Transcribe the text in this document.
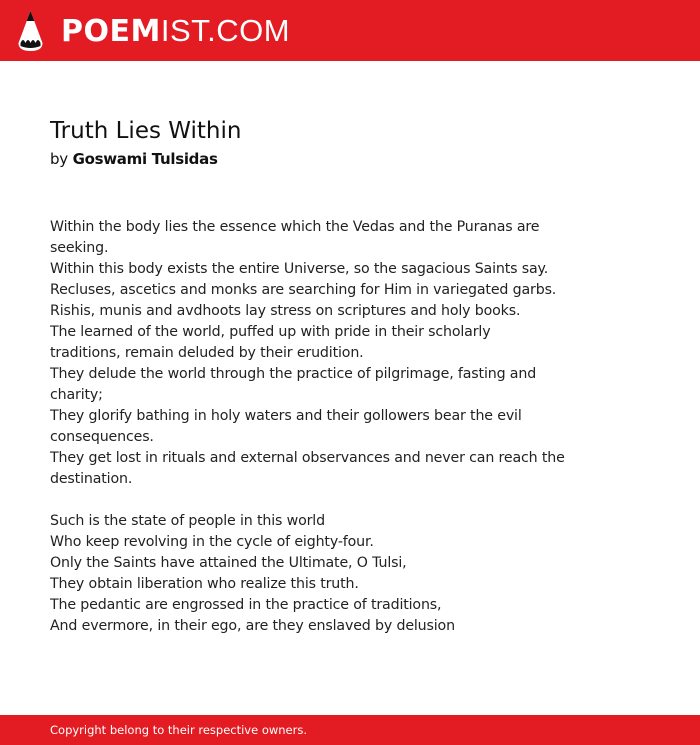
POEMIST.COM
Truth Lies Within

by Goswami Tulsidas

Within the body lies the essence which the Vedas and the Puranas are
seeking.
Within this body exists the entire Universe, so the sagacious Saints say.
Recluses, ascetics and monks are searching for Him in variegated garbs.
Rishis, munis and avdhoots lay stress on scriptures and holy books.
The learned of the world, puffed up with pride in their scholarly
traditions, remain deluded by their erudition.
They delude the world through the practice of pilgrimage, fasting and
charity;
They glorify bathing in holy waters and their gollowers bear the evil
consequences.
They get lost in rituals and external observances and never can reach the
destination.
Such is the state of people in this world
Who keep revolving in the cycle of eighty-four.
Only the Saints have attained the Ultimate, O Tulsi,
They obtain liberation who realize this truth.
The pedantic are engrossed in the practice of traditions,
And evermore, in their ego, are they enslaved by delusion
Copyright belong to their respective owners.
